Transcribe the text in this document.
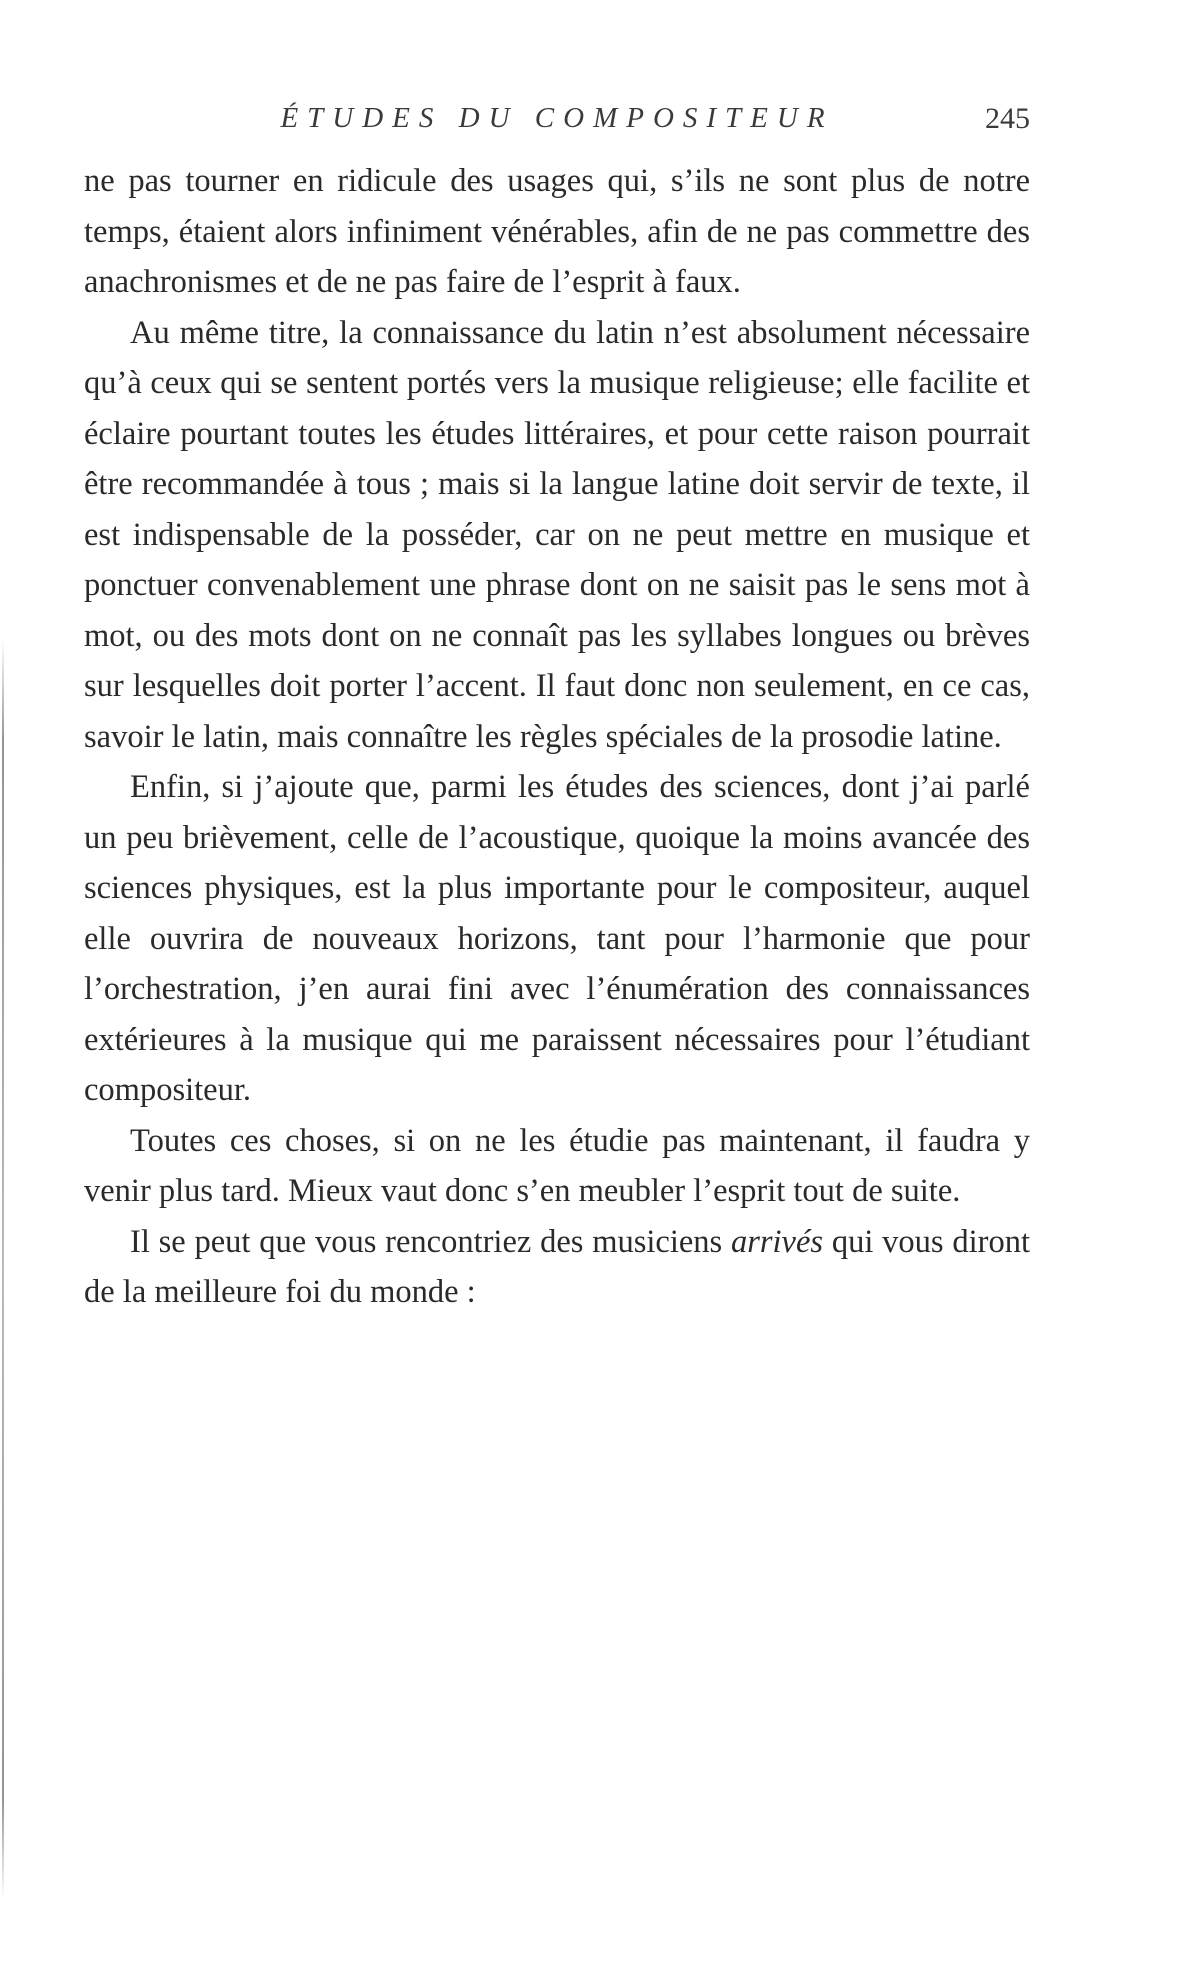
ÉTUDES DU COMPOSITEUR	245

ne pas tourner en ridicule des usages qui, s’ils ne sont plus de notre temps, étaient alors infiniment vénérables, afin de ne pas commettre des anachronismes et de ne pas faire de l’esprit à faux.

Au même titre, la connaissance du latin n’est absolument nécessaire qu’à ceux qui se sentent portés vers la musique religieuse; elle facilite et éclaire pourtant toutes les études littéraires, et pour cette raison pourrait être recommandée à tous ; mais si la langue latine doit servir de texte, il est indispensable de la posséder, car on ne peut mettre en musique et ponctuer convenablement une phrase dont on ne saisit pas le sens mot à mot, ou des mots dont on ne connaît pas les syllabes longues ou brèves sur lesquelles doit porter l’accent. Il faut donc non seulement, en ce cas, savoir le latin, mais connaître les règles spéciales de la prosodie latine.

Enfin, si j’ajoute que, parmi les études des sciences, dont j’ai parlé un peu brièvement, celle de l’acoustique, quoique la moins avancée des sciences physiques, est la plus importante pour le compositeur, auquel elle ouvrira de nouveaux horizons, tant pour l’harmonie que pour l’orchestration, j’en aurai fini avec l’énumération des connaissances extérieures à la musique qui me paraissent nécessaires pour l’étudiant compositeur.

Toutes ces choses, si on ne les étudie pas maintenant, il faudra y venir plus tard. Mieux vaut donc s’en meubler l’esprit tout de suite.

Il se peut que vous rencontriez des musiciens arrivés qui vous diront de la meilleure foi du monde :
